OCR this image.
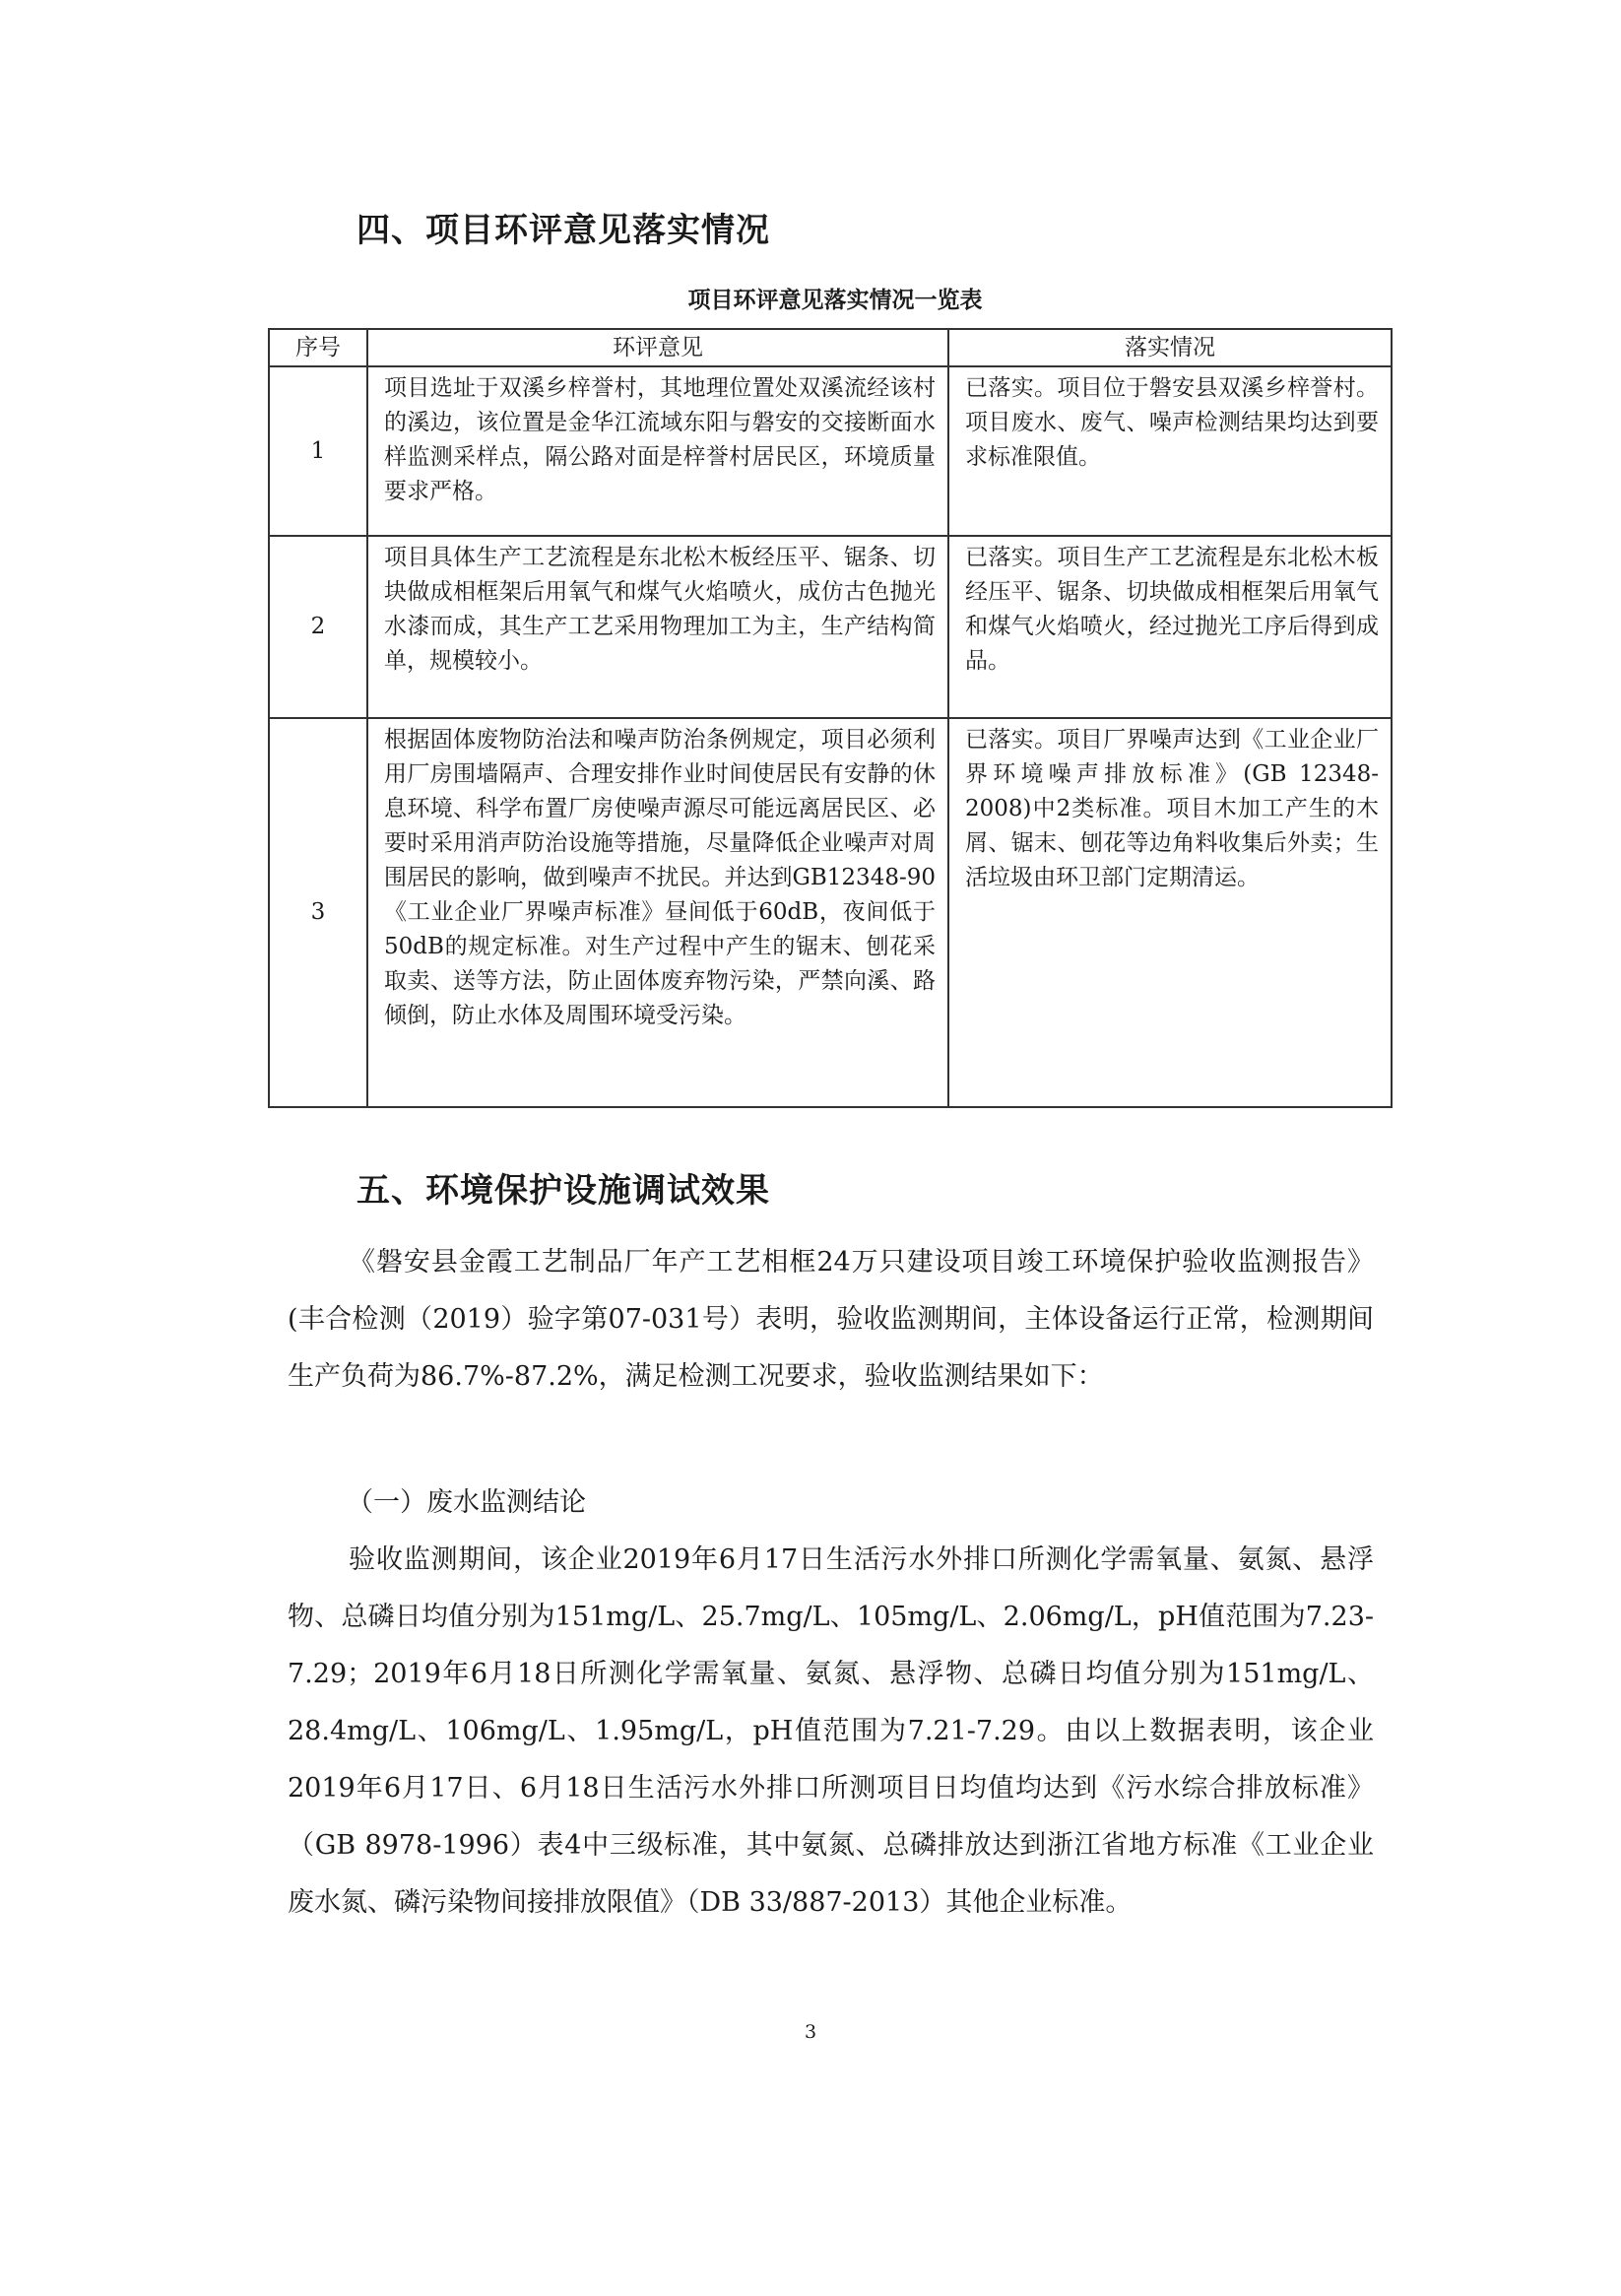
四、项目环评意见落实情况

项目环评意见落实情况一览表

序号	环评意见	落实情况
1	项目选址于双溪乡梓誉村，其地理位置处双溪流经该村的溪边，该位置是金华江流域东阳与磐安的交接断面水样监测采样点，隔公路对面是梓誉村居民区，环境质量要求严格。	已落实。项目位于磐安县双溪乡梓誉村。项目废水、废气、噪声检测结果均达到要求标准限值。
2	项目具体生产工艺流程是东北松木板经压平、锯条、切块做成相框架后用氧气和煤气火焰喷火，成仿古色抛光水漆而成，其生产工艺采用物理加工为主，生产结构简单，规模较小。	已落实。项目生产工艺流程是东北松木板经压平、锯条、切块做成相框架后用氧气和煤气火焰喷火，经过抛光工序后得到成品。
3	根据固体废物防治法和噪声防治条例规定，项目必须利用厂房围墙隔声、合理安排作业时间使居民有安静的休息环境、科学布置厂房使噪声源尽可能远离居民区、必要时采用消声防治设施等措施，尽量降低企业噪声对周围居民的影响，做到噪声不扰民。并达到GB12348-90《工业企业厂界噪声标准》昼间低于60dB，夜间低于50dB的规定标准。对生产过程中产生的锯末、刨花采取卖、送等方法，防止固体废弃物污染，严禁向溪、路倾倒，防止水体及周围环境受污染。	已落实。项目厂界噪声达到《工业企业厂界环境噪声排放标准》(GB 12348-2008)中2类标准。项目木加工产生的木屑、锯末、刨花等边角料收集后外卖；生活垃圾由环卫部门定期清运。
五、环境保护设施调试效果

《磐安县金霞工艺制品厂年产工艺相框24万只建设项目竣工环境保护验收监测报告》(丰合检测（2019）验字第07-031号）表明，验收监测期间，主体设备运行正常，检测期间生产负荷为86.7%-87.2%，满足检测工况要求，验收监测结果如下：

（一）废水监测结论

验收监测期间，该企业2019年6月17日生活污水外排口所测化学需氧量、氨氮、悬浮物、总磷日均值分别为151mg/L、25.7mg/L、105mg/L、2.06mg/L，pH值范围为7.23-7.29；2019年6月18日所测化学需氧量、氨氮、悬浮物、总磷日均值分别为151mg/L、28.4mg/L、106mg/L、1.95mg/L，pH值范围为7.21-7.29。由以上数据表明，该企业2019年6月17日、6月18日生活污水外排口所测项目日均值均达到《污水综合排放标准》（GB 8978-1996）表4中三级标准，其中氨氮、总磷排放达到浙江省地方标准《工业企业废水氮、磷污染物间接排放限值》（DB 33/887-2013）其他企业标准。

3
